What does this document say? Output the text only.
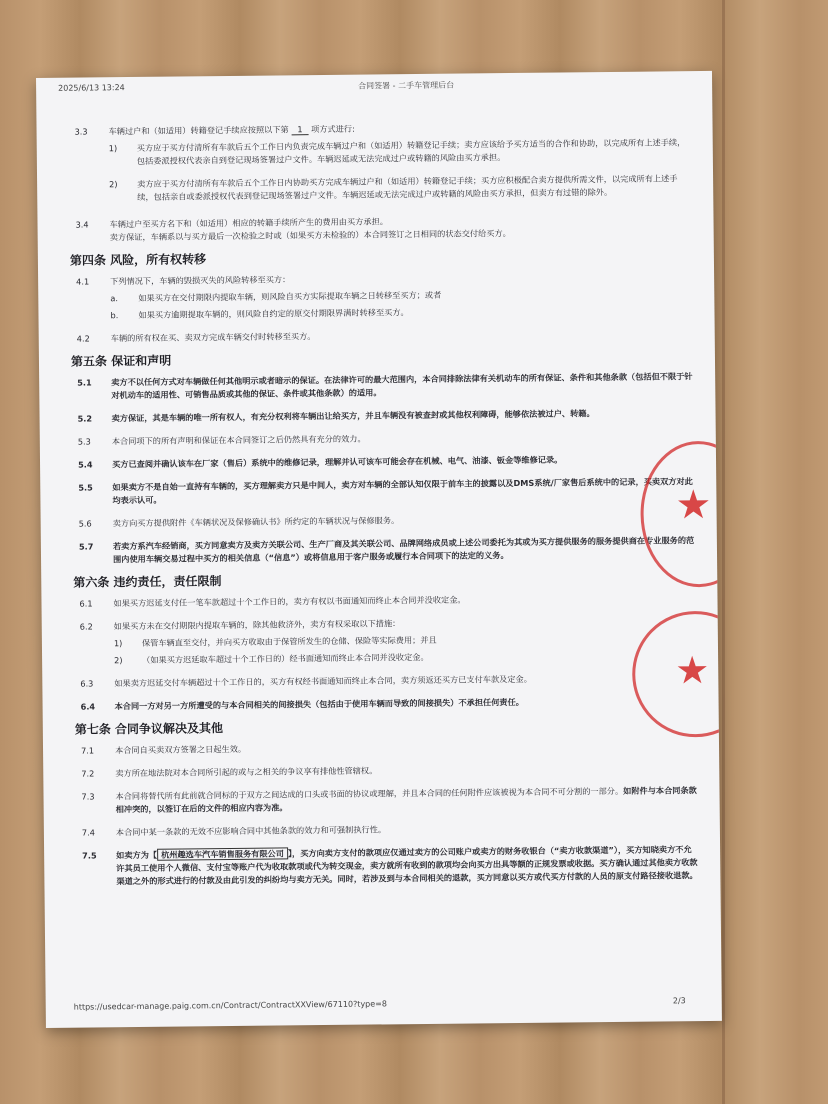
2025/6/13 13:24	合同签署 - 二手车管理后台
3.3	车辆过户和（如适用）转籍登记手续应按照以下第 1 项方式进行:
1) 买方应于买方付清所有车款后五个工作日内负责完成车辆过户和（如适用）转籍登记手续；卖方应该给予买方适当的合作和协助，以完成所有上述手续，包括委派授权代表亲自到登记现场签署过户文件。车辆迟延或无法完成过户或转籍的风险由买方承担。
2) 卖方应于买方付清所有车款后五个工作日内协助买方完成车辆过户和（如适用）转籍登记手续；买方应积极配合卖方提供所需文件，以完成所有上述手续，包括亲自或委派授权代表到登记现场签署过户文件。车辆迟延或无法完成过户或转籍的风险由买方承担，但卖方有过错的除外。
3.4	车辆过户至买方名下和（如适用）相应的转籍手续所产生的费用由买方承担。
卖方保证，车辆系以与买方最后一次检验之时或（如果买方未检验的）本合同签订之日相同的状态交付给买方。
第四条 风险，所有权转移
4.1	下列情况下，车辆的毁损灭失的风险转移至买方：
a. 如果买方在交付期限内提取车辆，则风险自买方实际提取车辆之日转移至买方；或者
b. 如果买方逾期提取车辆的，则风险自约定的原交付期限界满时转移至买方。
4.2	车辆的所有权在买、卖双方完成车辆交付时转移至买方。
第五条 保证和声明
5.1 卖方不以任何方式对车辆做任何其他明示或者暗示的保证。在法律许可的最大范围内，本合同排除法律有关机动车的所有保证、条件和其他条款（包括但不限于针对机动车的适用性、可销售品质或其他的保证、条件或其他条款）的适用。
5.2 卖方保证，其是车辆的唯一所有权人，有充分权利将车辆出让给买方，并且车辆没有被查封或其他权利障碍，能够依法被过户、转籍。
5.3	本合同项下的所有声明和保证在本合同签订之后仍然具有充分的效力。
5.4 买方已查阅并确认该车在厂家（售后）系统中的维修记录，理解并认可该车可能会存在机械、电气、油漆、钣金等维修记录。
5.5 如果卖方不是自始一直持有车辆的，买方理解卖方只是中间人，卖方对车辆的全部认知仅限于前车主的披露以及DMS系统/厂家售后系统中的记录，买卖双方对此均表示认可。
5.6	卖方向买方提供附件《车辆状况及保修确认书》所约定的车辆状况与保修服务。
5.7 若卖方系汽车经销商，买方同意卖方及卖方关联公司、生产厂商及其关联公司、品牌网络成员或上述公司委托为其或为买方提供服务的服务提供商在专业服务的范围内使用车辆交易过程中买方的相关信息（“信息”）或将信息用于客户服务或履行本合同项下的法定的义务。
第六条 违约责任，责任限制
6.1	如果买方迟延支付任一笔车款超过十个工作日的，卖方有权以书面通知而终止本合同并没收定金。
6.2	如果买方未在交付期限内提取车辆的，除其他救济外，卖方有权采取以下措施：
1) 保管车辆直至交付，并向买方收取由于保管所发生的仓储、保险等实际费用；并且
2) （如果买方迟延取车超过十个工作日的）经书面通知而终止本合同并没收定金。
6.3	如果卖方迟延交付车辆超过十个工作日的，买方有权经书面通知而终止本合同，卖方须返还买方已支付车款及定金。
6.4 本合同一方对另一方所遭受的与本合同相关的间接损失（包括由于使用车辆而导致的间接损失）不承担任何责任。
第七条 合同争议解决及其他
7.1	本合同自买卖双方签署之日起生效。
7.2	卖方所在地法院对本合同所引起的或与之相关的争议享有排他性管辖权。
7.3	本合同将替代所有此前就合同标的于双方之间达成的口头或书面的协议或理解，并且本合同的任何附件应该被视为本合同不可分割的一部分。如附件与本合同条款相冲突的，以签订在后的文件的相应内容为准。
7.4	本合同中某一条款的无效不应影响合同中其他条款的效力和可强制执行性。
7.5 如卖方为【 杭州趣选车汽车销售服务有限公司 】，买方向卖方支付的款项应仅通过卖方的公司账户或卖方的财务收银台（“卖方收款渠道”），买方知晓卖方不允许其员工使用个人微信、支付宝等账户代为收取款项或代为转交现金，卖方就所有收到的款项均会向买方出具等额的正规发票或收据。买方确认通过其他卖方收款渠道之外的形式进行的付款及由此引发的纠纷均与卖方无关。同时，若涉及到与本合同相关的退款，买方同意以买方或代买方付款的人员的原支付路径接收退款。
★
★
https://usedcar-manage.paig.com.cn/Contract/ContractXXView/67110?type=8	2/3
